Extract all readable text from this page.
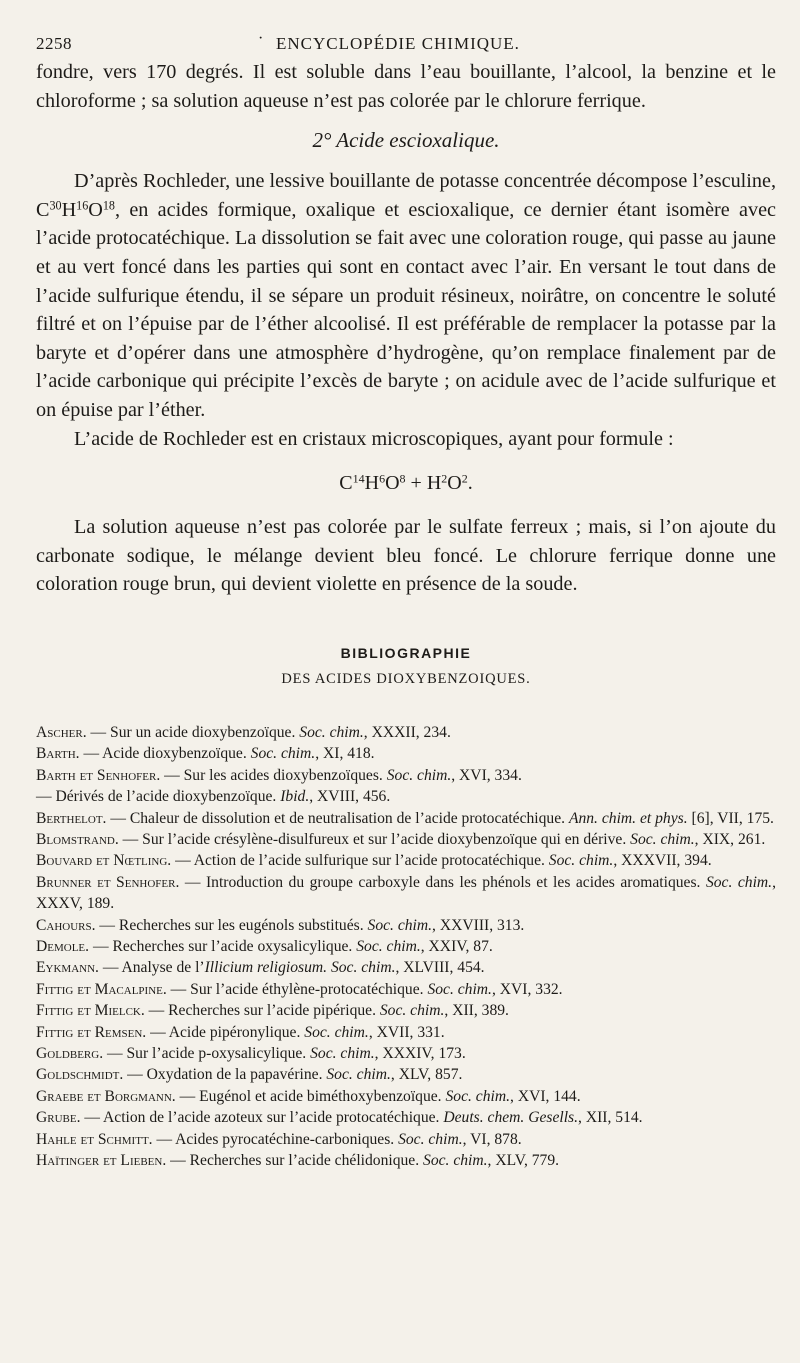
2258	· ENCYCLOPÉDIE CHIMIQUE.

fondre, vers 170 degrés. Il est soluble dans l’eau bouillante, l’alcool, la benzine et le chloroforme ; sa solution aqueuse n’est pas colorée par le chlorure ferrique.

2° Acide escioxalique.

D’après Rochleder, une lessive bouillante de potasse concentrée décompose l’esculine, $C^{30}H^{16}O^{18}$, en acides formique, oxalique et escioxalique, ce dernier étant isomère avec l’acide protocatéchique. La dissolution se fait avec une coloration rouge, qui passe au jaune et au vert foncé dans les parties qui sont en contact avec l’air. En versant le tout dans de l’acide sulfurique étendu, il se sépare un produit résineux, noirâtre, on concentre le soluté filtré et on l’épuise par de l’éther alcoolisé. Il est préférable de remplacer la potasse par la baryte et d’opérer dans une atmosphère d’hydrogène, qu’on remplace finalement par de l’acide carbonique qui précipite l’excès de baryte ; on acidule avec de l’acide sulfurique et on épuise par l’éther.

L’acide de Rochleder est en cristaux microscopiques, ayant pour formule :

$C^{14}H^6O^8 + H^2O^2$.

La solution aqueuse n’est pas colorée par le sulfate ferreux ; mais, si l’on ajoute du carbonate sodique, le mélange devient bleu foncé. Le chlorure ferrique donne une coloration rouge brun, qui devient violette en présence de la soude.

BIBLIOGRAPHIE
DES ACIDES DIOXYBENZOIQUES.
Ascher. — Sur un acide dioxybenzoïque. Soc. chim., XXXII, 234.
Barth. — Acide dioxybenzoïque. Soc. chim., XI, 418.
Barth et Senhofer. — Sur les acides dioxybenzoïques. Soc. chim., XVI, 334.
— Dérivés de l’acide dioxybenzoïque. Ibid., XVIII, 456.
Berthelot. — Chaleur de dissolution et de neutralisation de l’acide protocatéchique. Ann. chim. et phys. [6], VII, 175.
Blomstrand. — Sur l’acide crésylène-disulfureux et sur l’acide dioxybenzoïque qui en dérive. Soc. chim., XIX, 261.
Bouvard et Nœtling. — Action de l’acide sulfurique sur l’acide protocatéchique. Soc. chim., XXXVII, 394.
Brunner et Senhofer. — Introduction du groupe carboxyle dans les phénols et les acides aromatiques. Soc. chim., XXXV, 189.
Cahours. — Recherches sur les eugénols substitués. Soc. chim., XXVIII, 313.
Demole. — Recherches sur l’acide oxysalicylique. Soc. chim., XXIV, 87.
Eykmann. — Analyse de l’Illicium religiosum. Soc. chim., XLVIII, 454.
Fittig et Macalpine. — Sur l’acide éthylène-protocatéchique. Soc. chim., XVI, 332.
Fittig et Mielck. — Recherches sur l’acide pipérique. Soc. chim., XII, 389.
Fittig et Remsen. — Acide pipéronylique. Soc. chim., XVII, 331.
Goldberg. — Sur l’acide p-oxysalicylique. Soc. chim., XXXIV, 173.
Goldschmidt. — Oxydation de la papavérine. Soc. chim., XLV, 857.
Graebe et Borgmann. — Eugénol et acide biméthoxybenzoïque. Soc. chim., XVI, 144.
Grube. — Action de l’acide azoteux sur l’acide protocatéchique. Deuts. chem. Gesells., XII, 514.
Hahle et Schmitt. — Acides pyrocatéchine-carboniques. Soc. chim., VI, 878.
Haïtinger et Lieben. — Recherches sur l’acide chélidonique. Soc. chim., XLV, 779.
